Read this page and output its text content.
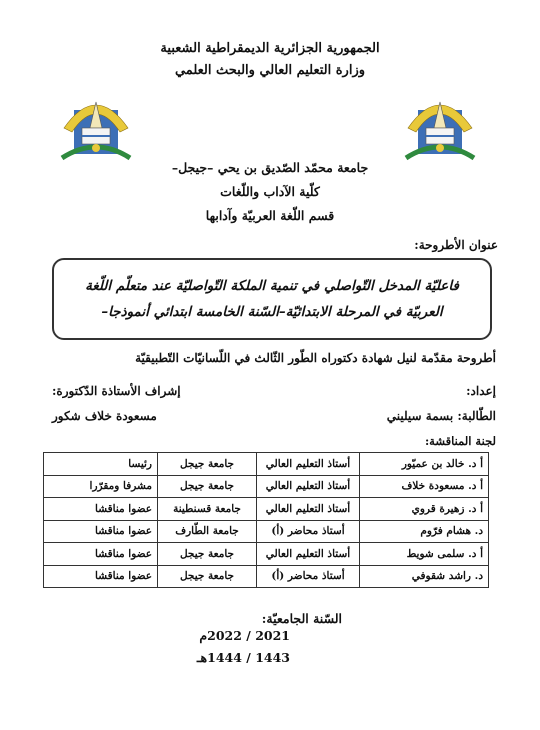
الجمهورية الجزائرية الديمقراطية الشعبية
وزارة التعليم العالي والبحث العلمي
جامعة محمّد الصّديق بن يحي –جيجل–
كلّية الآداب واللّغات
قسم اللّغة العربيّة وآدابها
عنوان الأطروحة:
فاعليّة المدخل التّواصلي في تنمية الملكة التّواصليّة عند متعلّم اللّغة
العربيّة في المرحلة الابتدائيّة–السّنة الخامسة ابتدائي أنموذجا–
أطروحة مقدّمة لنيل شهادة دكتوراه الطّور الثّالث في اللّسانيّات التّطبيقيّة
إعداد:
إشراف الأستاذة الدّكتورة:
الطّالبة: بسمة سيليني
مسعودة خلاف شكور
لجنة المناقشة:
أ د. خالد بن عميّور	أستاذ التعليم العالي	جامعة جيجل	رئيسا
أ د. مسعودة خلاف	أستاذ التعليم العالي	جامعة جيجل	مشرفا ومقرّرا
أ د. زهيرة قروي	أستاذ التعليم العالي	جامعة قسنطينة	عضوا مناقشا
د. هشام فرّوم	أستاذ محاضر (أ)	جامعة الطّارف	عضوا مناقشا
أ د. سلمى شويط	أستاذ التعليم العالي	جامعة جيجل	عضوا مناقشا
د. راشد شقوفي	أستاذ محاضر (أ)	جامعة جيجل	عضوا مناقشا
السّنة الجامعيّة:
2021 / 2022م
1443 / 1444هـ
